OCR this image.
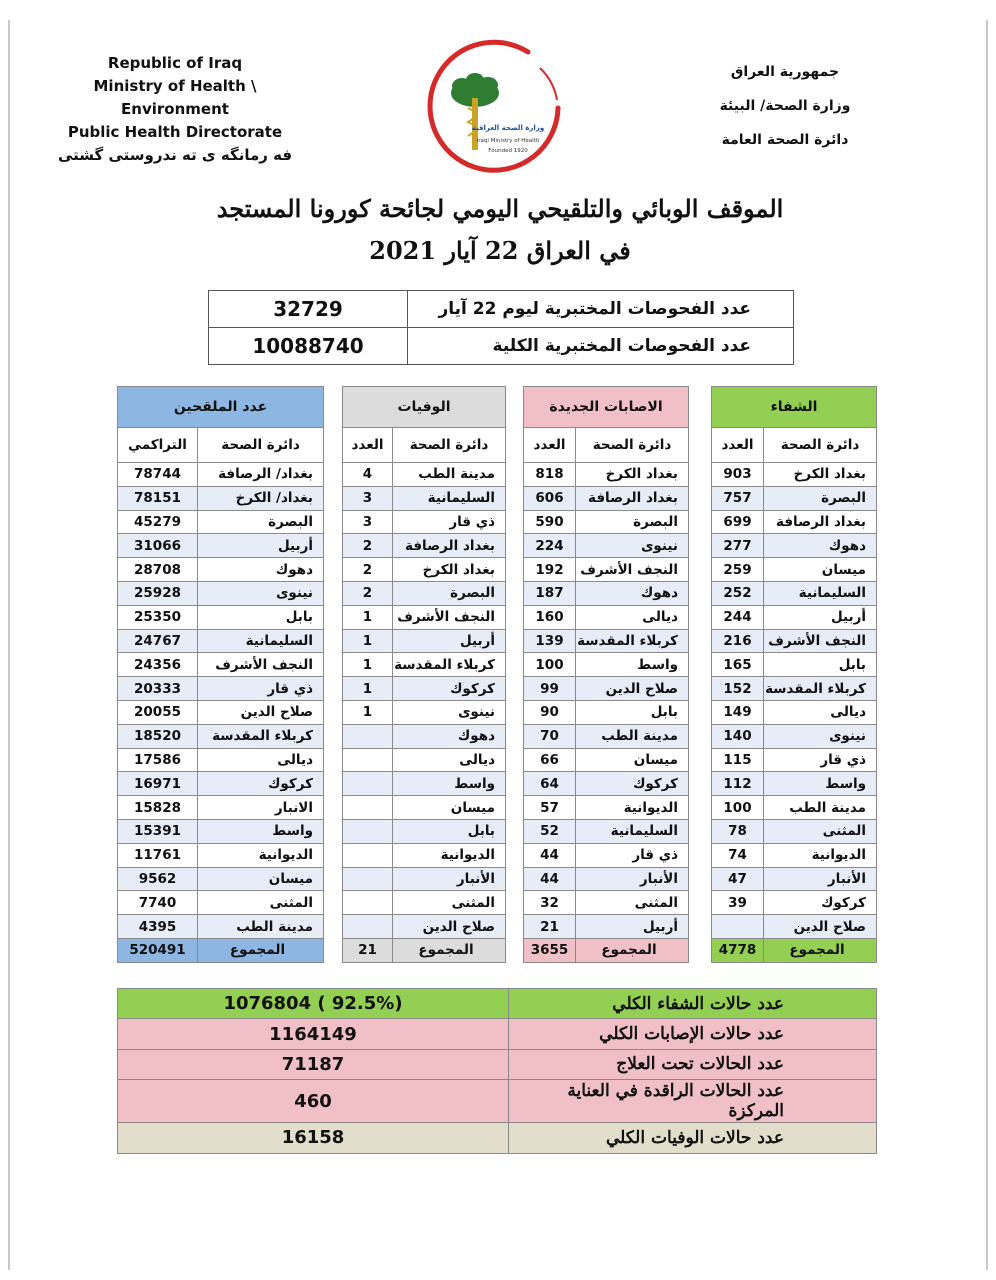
Republic of Iraq
Ministry of Health \ Environment
Public Health Directorate
فه رمانگه ی ته ندروستی گشتی
وزارة الصحة العراقية
Iraqi Ministry of Health
Founded 1920
جمهورية العراق
وزارة الصحة/ البيئة
دائرة الصحة العامة
الموقف الوبائي والتلقيحي اليومي لجائحة كورونا المستجد
في العراق 22 آيار 2021
32729	عدد الفحوصات المختبرية ليوم 22 آيار
10088740	عدد الفحوصات المختبرية الكلية
الشفاء	
العدد	دائرة الصحة
903	بغداد الكرخ
757	البصرة
699	بغداد الرصافة
277	دهوك
259	ميسان
252	السليمانية
244	أربيل
216	النجف الأشرف
165	بابل
152	كربلاء المقدسة
149	ديالى
140	نينوى
115	ذي قار
112	واسط
100	مدينة الطب
78	المثنى
74	الديوانية
47	الأنبار
39	كركوك
	صلاح الدين
4778	المجموع
الاصابات الجديدة	
العدد	دائرة الصحة
818	بغداد الكرخ
606	بغداد الرصافة
590	البصرة
224	نينوى
192	النجف الأشرف
187	دهوك
160	ديالى
139	كربلاء المقدسة
100	واسط
99	صلاح الدين
90	بابل
70	مدينة الطب
66	ميسان
64	كركوك
57	الديوانية
52	السليمانية
44	ذي قار
44	الأنبار
32	المثنى
21	أربيل
3655	المجموع
الوفيات	
العدد	دائرة الصحة
4	مدينة الطب
3	السليمانية
3	ذي قار
2	بغداد الرصافة
2	بغداد الكرخ
2	البصرة
1	النجف الأشرف
1	أربيل
1	كربلاء المقدسة
1	كركوك
1	نينوى
	دهوك
	ديالى
	واسط
	ميسان
	بابل
	الديوانية
	الأنبار
	المثنى
	صلاح الدين
21	المجموع
عدد الملقحين	
التراكمي	دائرة الصحة
78744	بغداد/ الرصافة
78151	بغداد/ الكرخ
45279	البصرة
31066	أربيل
28708	دهوك
25928	نينوى
25350	بابل
24767	السليمانية
24356	النجف الأشرف
20333	ذي قار
20055	صلاح الدين
18520	كربلاء المقدسة
17586	ديالى
16971	كركوك
15828	الانبار
15391	واسط
11761	الديوانية
9562	ميسان
7740	المثنى
4395	مدينة الطب
520491	المجموع
1076804 ( 92.5%)	عدد حالات الشفاء الكلي
1164149	عدد حالات الإصابات الكلي
71187	عدد الحالات تحت العلاج
460	عدد الحالات الراقدة في العناية المركزة
16158	عدد حالات الوفيات الكلي
